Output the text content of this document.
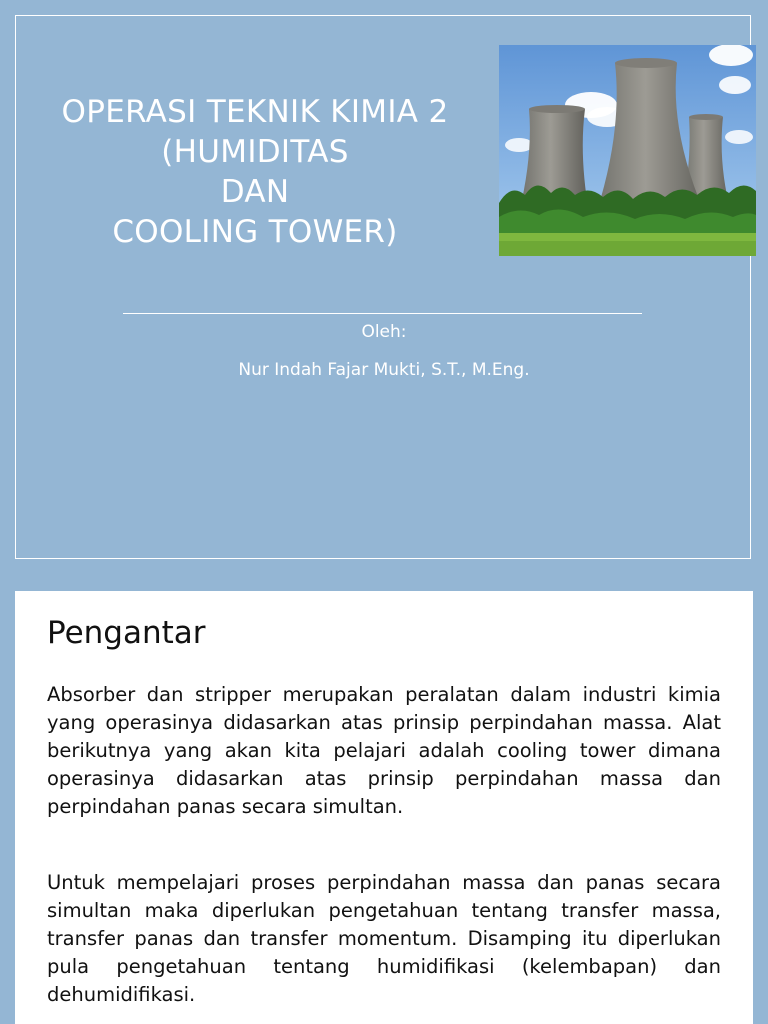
OPERASI TEKNIK KIMIA 2
(HUMIDITAS
DAN
COOLING TOWER)
Oleh:
Nur Indah Fajar Mukti, S.T., M.Eng.
Pengantar
Absorber dan stripper merupakan peralatan dalam industri kimia yang operasinya didasarkan atas prinsip perpindahan massa. Alat berikutnya yang akan kita pelajari adalah cooling tower dimana operasinya didasarkan atas prinsip perpindahan massa dan perpindahan panas secara simultan.
Untuk mempelajari proses perpindahan massa dan panas secara simultan maka diperlukan pengetahuan tentang transfer massa, transfer panas dan transfer momentum. Disamping itu diperlukan pula pengetahuan tentang humidifikasi (kelembapan) dan dehumidifikasi.
